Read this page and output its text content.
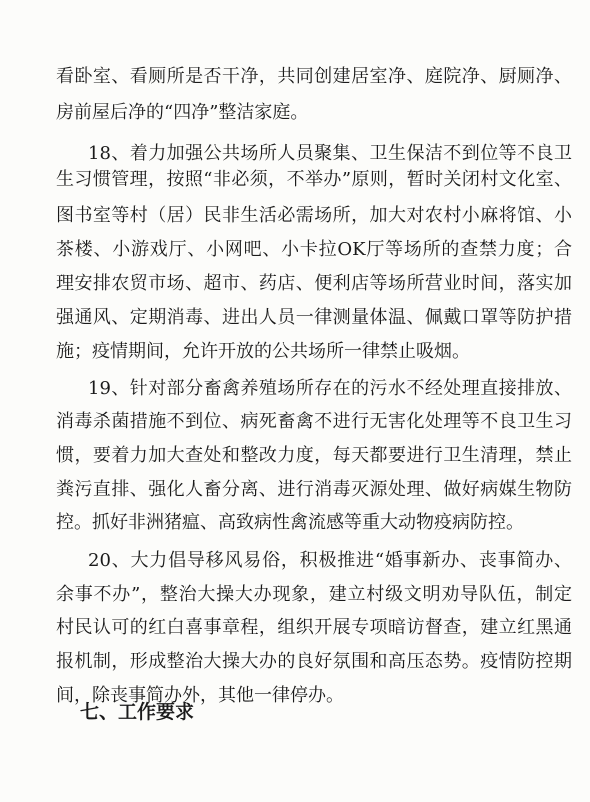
看卧室、看厕所是否干净，共同创建居室净、庭院净、厨厕净、
房前屋后净的“四净”整洁家庭。
18、着力加强公共场所人员聚集、卫生保洁不到位等不良卫
生习惯管理，按照“非必须，不举办”原则，暂时关闭村文化室、
图书室等村（居）民非生活必需场所，加大对农村小麻将馆、小
茶楼、小游戏厅、小网吧、小卡拉OK厅等场所的查禁力度；合
理安排农贸市场、超市、药店、便利店等场所营业时间，落实加
强通风、定期消毒、进出人员一律测量体温、佩戴口罩等防护措
施；疫情期间，允许开放的公共场所一律禁止吸烟。
19、针对部分畜禽养殖场所存在的污水不经处理直接排放、
消毒杀菌措施不到位、病死畜禽不进行无害化处理等不良卫生习
惯，要着力加大查处和整改力度，每天都要进行卫生清理，禁止
粪污直排、强化人畜分离、进行消毒灭源处理、做好病媒生物防
控。抓好非洲猪瘟、高致病性禽流感等重大动物疫病防控。
20、大力倡导移风易俗，积极推进“婚事新办、丧事简办、
余事不办”，整治大操大办现象，建立村级文明劝导队伍，制定
村民认可的红白喜事章程，组织开展专项暗访督查，建立红黑通
报机制，形成整治大操大办的良好氛围和高压态势。疫情防控期
间，除丧事简办外，其他一律停办。
七、工作要求
